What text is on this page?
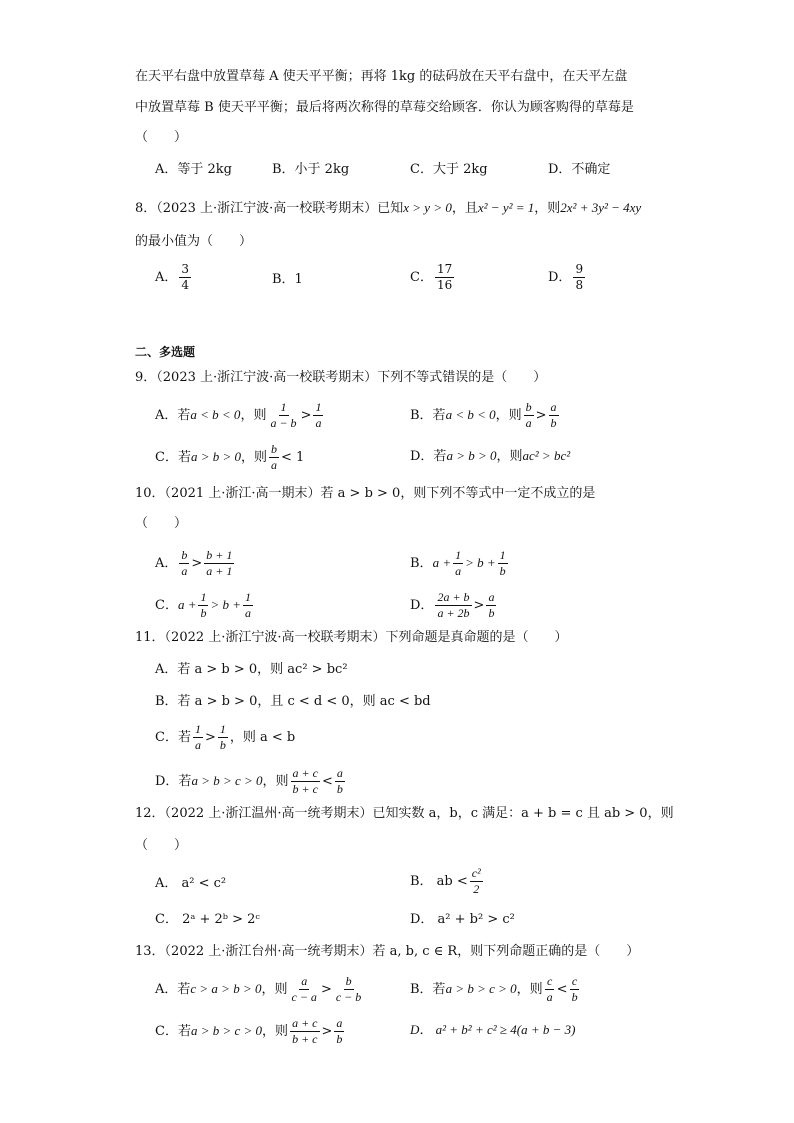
在天平右盘中放置草莓 A 使天平平衡；再将 1kg 的砝码放在天平右盘中，在天平左盘
中放置草莓 B 使天平平衡；最后将两次称得的草莓交给顾客．你认为顾客购得的草莓是
（　　）
A．等于 2kg	B．小于 2kg	C．大于 2kg	D．不确定
8．（2023 上·浙江宁波·高一校联考期末）已知x > y > 0，且x² − y² = 1，则2x² + 3y² − 4xy
的最小值为（　　）
A． $\frac{3}{4}$	B．1	C． $\frac{17}{16}$	D． $\frac{9}{8}$
二、多选题
9．（2023 上·浙江宁波·高一校联考期末）下列不等式错误的是（　　）
A．若a < b < 0，则 $\frac{1}{a - b} > \frac{1}{a}$	B．若a < b < 0，则 $\frac{b}{a} > \frac{a}{b}$
C．若a > b > 0，则 $\frac{b}{a} < 1$	D．若a > b > 0，则ac² > bc²
10．（2021 上·浙江·高一期末）若 a > b > 0，则下列不等式中一定不成立的是
（　　）
A． $\frac{b}{a} > \frac{b + 1}{a + 1}$	B．$a + \frac{1}{a} > b + \frac{1}{b}$
C．$a + \frac{1}{b} > b + \frac{1}{a}$	D． $\frac{2a + b}{a + 2b} > \frac{a}{b}$
11．（2022 上·浙江宁波·高一校联考期末）下列命题是真命题的是（　　）
A．若 a > b > 0，则 ac² > bc²
B．若 a > b > 0，且 c < d < 0，则 ac < bd
C．若 $\frac{1}{a} > \frac{1}{b}$ ，则 a < b
D．若a > b > c > 0，则 $\frac{a + c}{b + c} < \frac{a}{b}$
12．（2022 上·浙江温州·高一统考期末）已知实数 a，b，c 满足：a + b = c 且 ab > 0，则
（　　）
A． a² < c²	B． ab < $\frac{\text{c²}}{2}$
C． 2ᵃ + 2ᵇ > 2ᶜ	D． a² + b² > c²
13．（2022 上·浙江台州·高一统考期末）若 a, b, c ∈ R，则下列命题正确的是（　　）
A．若c > a > b > 0，则 $\frac{a}{c - a} > \frac{b}{c - b}$	B．若a > b > c > 0，则 $\frac{c}{a} < \frac{c}{b}$
C．若a > b > c > 0，则 $\frac{a + c}{b + c} > \frac{a}{b}$	D． a² + b² + c² ≥ 4(a + b − 3)
